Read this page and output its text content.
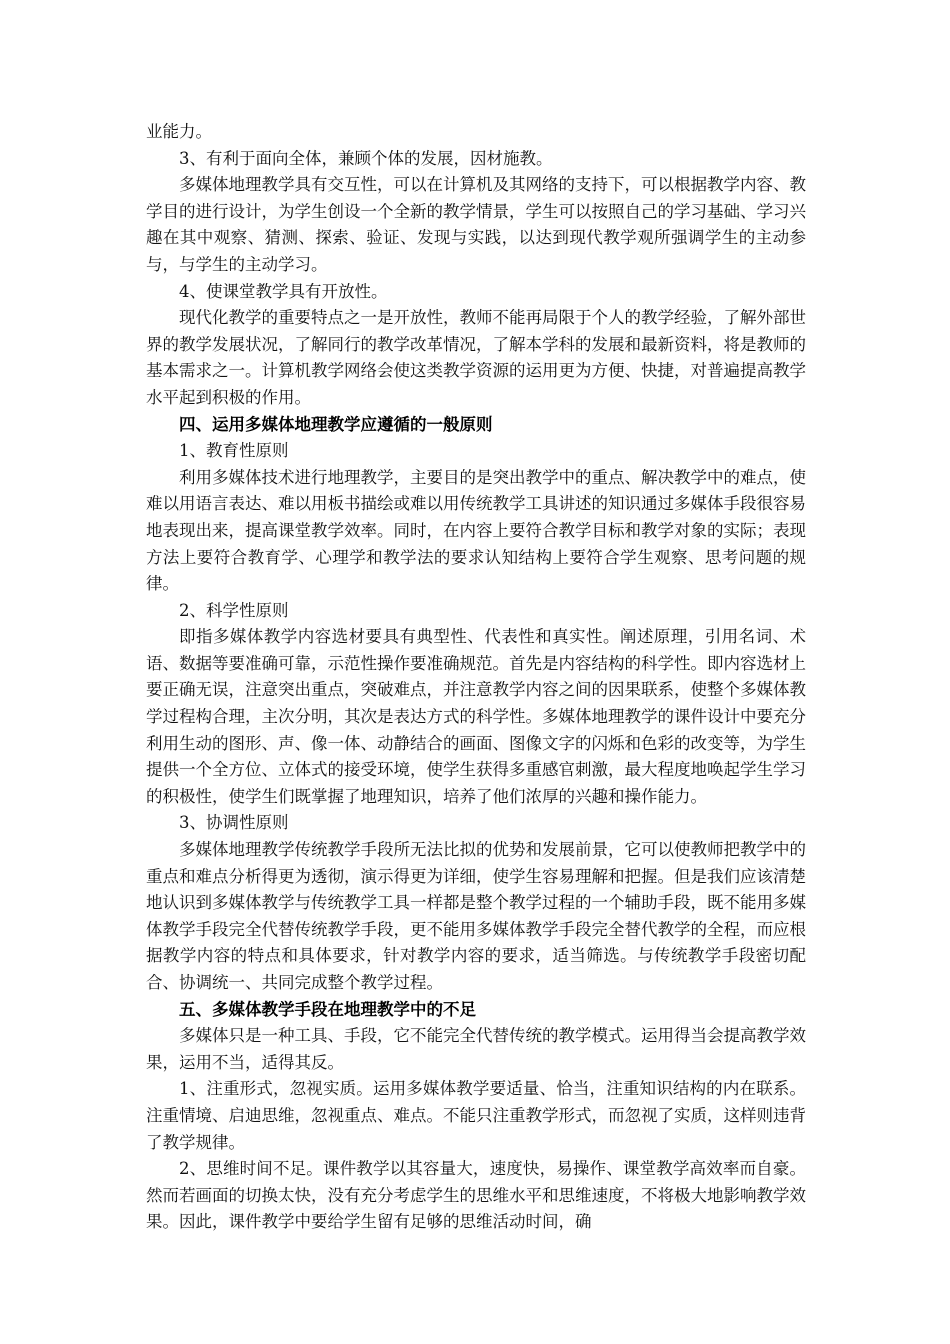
业能力。

3、有利于面向全体，兼顾个体的发展，因材施教。

多媒体地理教学具有交互性，可以在计算机及其网络的支持下，可以根据教学内容、教学目的进行设计，为学生创设一个全新的教学情景，学生可以按照自己的学习基础、学习兴趣在其中观察、猜测、探索、验证、发现与实践，以达到现代教学观所强调学生的主动参与，与学生的主动学习。

4、使课堂教学具有开放性。

现代化教学的重要特点之一是开放性，教师不能再局限于个人的教学经验，了解外部世界的教学发展状况，了解同行的教学改革情况，了解本学科的发展和最新资料，将是教师的基本需求之一。计算机教学网络会使这类教学资源的运用更为方便、快捷，对普遍提高教学水平起到积极的作用。

四、运用多媒体地理教学应遵循的一般原则

1、教育性原则

利用多媒体技术进行地理教学，主要目的是突出教学中的重点、解决教学中的难点，使难以用语言表达、难以用板书描绘或难以用传统教学工具讲述的知识通过多媒体手段很容易地表现出来，提高课堂教学效率。同时，在内容上要符合教学目标和教学对象的实际；表现方法上要符合教育学、心理学和教学法的要求认知结构上要符合学生观察、思考问题的规律。

2、科学性原则

即指多媒体教学内容选材要具有典型性、代表性和真实性。阐述原理，引用名词、术语、数据等要准确可靠，示范性操作要准确规范。首先是内容结构的科学性。即内容选材上要正确无误，注意突出重点，突破难点，并注意教学内容之间的因果联系，使整个多媒体教学过程构合理，主次分明，其次是表达方式的科学性。多媒体地理教学的课件设计中要充分利用生动的图形、声、像一体、动静结合的画面、图像文字的闪烁和色彩的改变等，为学生提供一个全方位、立体式的接受环境，使学生获得多重感官刺激，最大程度地唤起学生学习的积极性，使学生们既掌握了地理知识，培养了他们浓厚的兴趣和操作能力。

3、协调性原则

多媒体地理教学传统教学手段所无法比拟的优势和发展前景，它可以使教师把教学中的重点和难点分析得更为透彻，演示得更为详细，使学生容易理解和把握。但是我们应该清楚地认识到多媒体教学与传统教学工具一样都是整个教学过程的一个辅助手段，既不能用多媒体教学手段完全代替传统教学手段，更不能用多媒体教学手段完全替代教学的全程，而应根据教学内容的特点和具体要求，针对教学内容的要求，适当筛选。与传统教学手段密切配合、协调统一、共同完成整个教学过程。

五、多媒体教学手段在地理教学中的不足

多媒体只是一种工具、手段，它不能完全代替传统的教学模式。运用得当会提高教学效果，运用不当，适得其反。

1、注重形式，忽视实质。运用多媒体教学要适量、恰当，注重知识结构的内在联系。注重情境、启迪思维，忽视重点、难点。不能只注重教学形式，而忽视了实质，这样则违背了教学规律。

2、思维时间不足。课件教学以其容量大，速度快，易操作、课堂教学高效率而自豪。然而若画面的切换太快，没有充分考虑学生的思维水平和思维速度，不将极大地影响教学效果。因此，课件教学中要给学生留有足够的思维活动时间，确
